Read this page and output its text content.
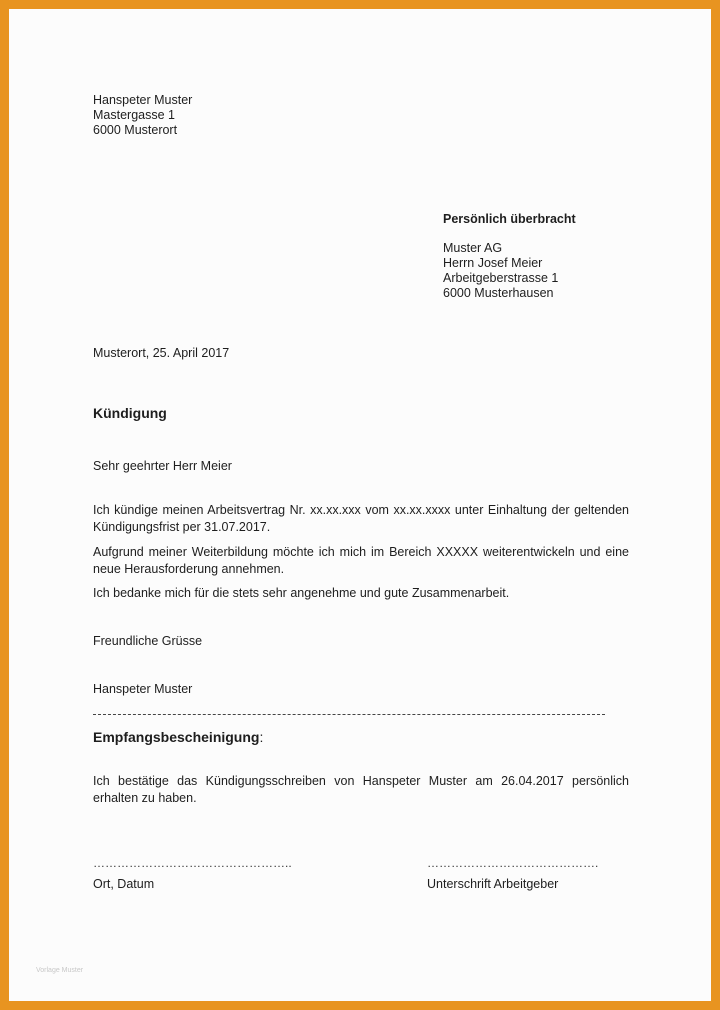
Hanspeter Muster
Mastergasse 1
6000 Musterort
Persönlich überbracht
Muster AG
Herrn Josef Meier
Arbeitgeberstrasse 1
6000 Musterhausen
Musterort, 25. April 2017
Kündigung
Sehr geehrter Herr Meier
Ich kündige meinen Arbeitsvertrag Nr. xx.xx.xxx vom xx.xx.xxxx unter Einhaltung der geltenden Kündigungsfrist per 31.07.2017.
Aufgrund meiner Weiterbildung möchte ich mich im Bereich XXXXX weiterentwickeln und eine neue Herausforderung annehmen.
Ich bedanke mich für die stets sehr angenehme und gute Zusammenarbeit.
Freundliche Grüsse
Hanspeter Muster
Empfangsbescheinigung:
Ich bestätige das Kündigungsschreiben von Hanspeter Muster am 26.04.2017 persönlich erhalten zu haben.
…………………………………………..	…………………………………….
Ort, Datum	Unterschrift Arbeitgeber
Vorlage Muster
